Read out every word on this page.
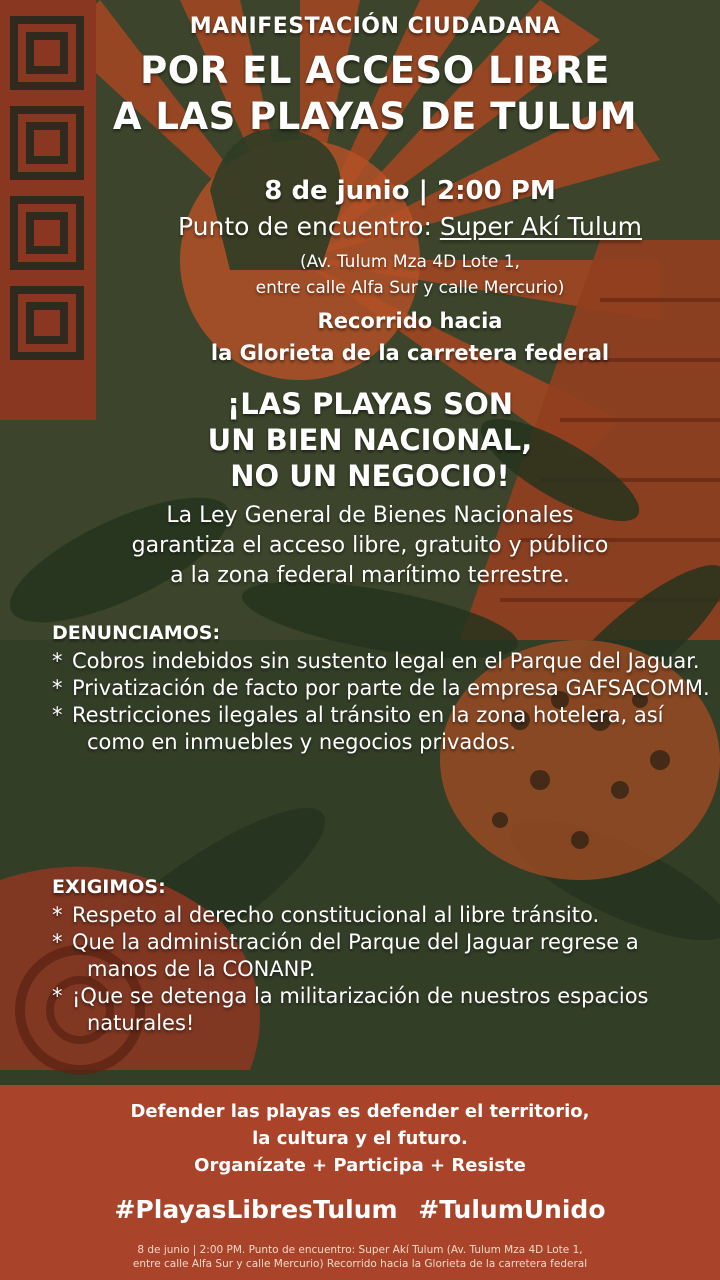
MANIFESTACIÓN CIUDADANA
POR EL ACCESO LIBRE
A LAS PLAYAS DE TULUM
8 de junio | 2:00 PM
Punto de encuentro: Super Akí Tulum
(Av. Tulum Mza 4D Lote 1,
entre calle Alfa Sur y calle Mercurio)
Recorrido hacia
la Glorieta de la carretera federal
¡LAS PLAYAS SON
UN BIEN NACIONAL,
NO UN NEGOCIO!
La Ley General de Bienes Nacionales
garantiza el acceso libre, gratuito y público
a la zona federal marítimo terrestre.
DENUNCIAMOS:
* Cobros indebidos sin sustento legal en el Parque del Jaguar.
* Privatización de facto por parte de la empresa GAFSACOMM.
* Restricciones ilegales al tránsito en la zona hotelera, así como en inmuebles y negocios privados.
EXIGIMOS:
* Respeto al derecho constitucional al libre tránsito.
* Que la administración del Parque del Jaguar regrese a manos de la CONANP.
* ¡Que se detenga la militarización de nuestros espacios naturales!
Defender las playas es defender el territorio,
la cultura y el futuro.
Organízate + Participa + Resiste
#PlayasLibresTulum #TulumUnido
8 de junio | 2:00 PM. Punto de encuentro: Super Akí Tulum (Av. Tulum Mza 4D Lote 1,
entre calle Alfa Sur y calle Mercurio) Recorrido hacia la Glorieta de la carretera federal
